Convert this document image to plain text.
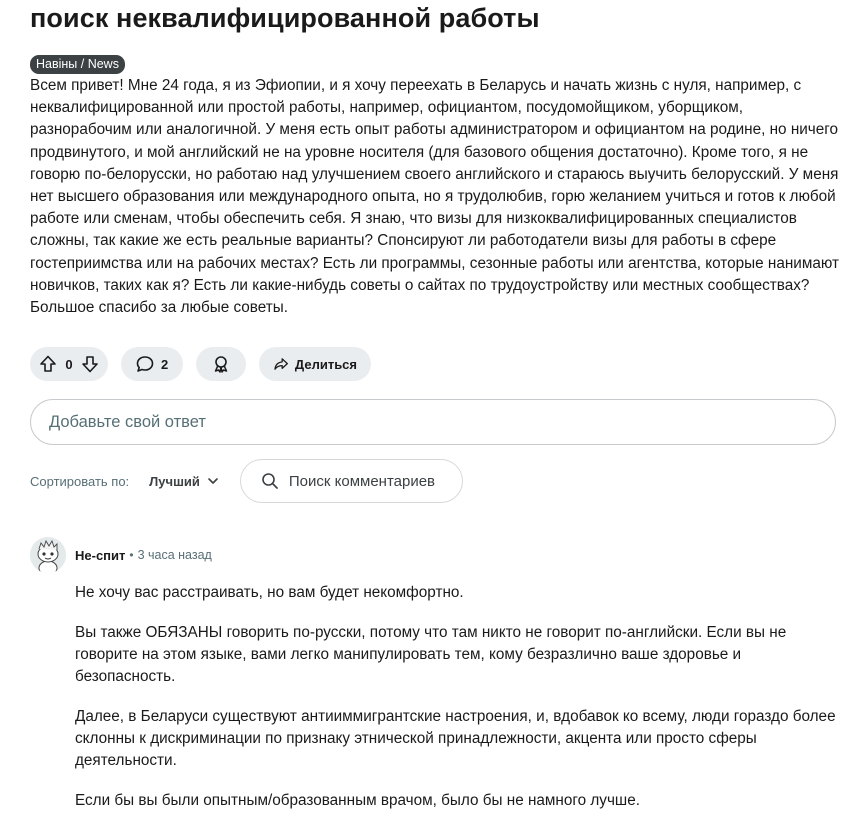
поиск неквалифицированной работы
Навіны / News
Всем привет! Мне 24 года, я из Эфиопии, и я хочу переехать в Беларусь и начать жизнь с нуля, например, с неквалифицированной или простой работы, например, официантом, посудомойщиком, уборщиком, разнорабочим или аналогичной. У меня есть опыт работы администратором и официантом на родине, но ничего продвинутого, и мой английский не на уровне носителя (для базового общения достаточно). Кроме того, я не говорю по-белорусски, но работаю над улучшением своего английского и стараюсь выучить белорусский. У меня нет высшего образования или международного опыта, но я трудолюбив, горю желанием учиться и готов к любой работе или сменам, чтобы обеспечить себя. Я знаю, что визы для низкоквалифицированных специалистов сложны, так какие же есть реальные варианты? Спонсируют ли работодатели визы для работы в сфере гостеприимства или на рабочих местах? Есть ли программы, сезонные работы или агентства, которые нанимают новичков, таких как я? Есть ли какие-нибудь советы о сайтах по трудоустройству или местных сообществах? Большое спасибо за любые советы.
0	2	Делиться
Добавьте свой ответ
Сортировать по: Лучший	Поиск комментариев
Не-спит • 3 часа назад

Не хочу вас расстраивать, но вам будет некомфортно.

Вы также ОБЯЗАНЫ говорить по-русски, потому что там никто не говорит по-английски. Если вы не говорите на этом языке, вами легко манипулировать тем, кому безразлично ваше здоровье и безопасность.

Далее, в Беларуси существуют антииммигрантские настроения, и, вдобавок ко всему, люди гораздо более склонны к дискриминации по признаку этнической принадлежности, акцента или просто сферы деятельности.

Если бы вы были опытным/образованным врачом, было бы не намного лучше.
